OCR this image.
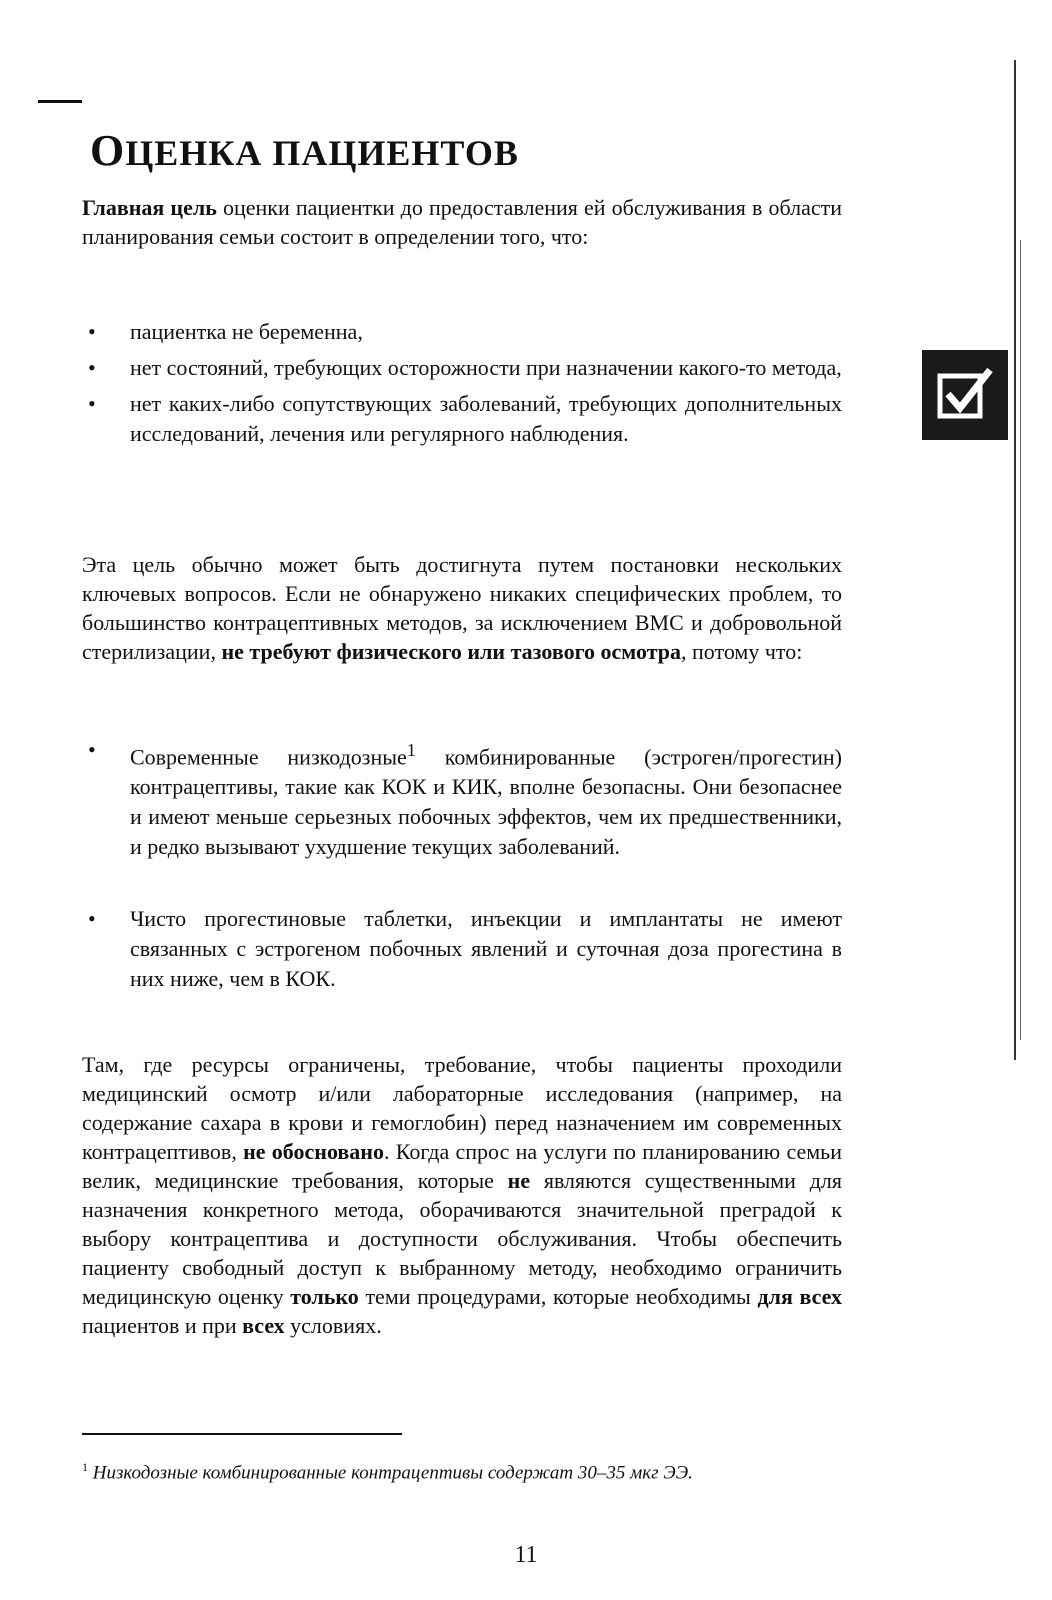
ОЦЕНКА ПАЦИЕНТОВ

Главная цель оценки пациентки до предоставления ей обслуживания в области планирования семьи состоит в определении того, что:

• пациентка не беременна,
• нет состояний, требующих осторожности при назначении какого-то метода,
• нет каких-либо сопутствующих заболеваний, требующих дополнительных исследований, лечения или регулярного наблюдения.

Эта цель обычно может быть достигнута путем постановки нескольких ключевых вопросов. Если не обнаружено никаких специфических проблем, то большинство контрацептивных методов, за исключением ВМС и добровольной стерилизации, не требуют физического или тазового осмотра, потому что:

• Современные низкодозные$^1$ комбинированные (эстроген/прогестин) контрацептивы, такие как КОК и КИК, вполне безопасны. Они безопаснее и имеют меньше серьезных побочных эффектов, чем их предшественники, и редко вызывают ухудшение текущих заболеваний.
• Чисто прогестиновые таблетки, инъекции и имплантаты не имеют связанных с эстрогеном побочных явлений и суточная доза прогестина в них ниже, чем в КОК.

Там, где ресурсы ограничены, требование, чтобы пациенты проходили медицинский осмотр и/или лабораторные исследования (например, на содержание сахара в крови и гемоглобин) перед назначением им современных контрацептивов, не обосновано. Когда спрос на услуги по планированию семьи велик, медицинские требования, которые не являются существенными для назначения конкретного метода, оборачиваются значительной преградой к выбору контрацептива и доступности обслуживания. Чтобы обеспечить пациенту свободный доступ к выбранному методу, необходимо ограничить медицинскую оценку только теми процедурами, которые необходимы для всех пациентов и при всех условиях.

$^1$ Низкодозные комбинированные контрацептивы содержат 30–35 мкг ЭЭ.
11
